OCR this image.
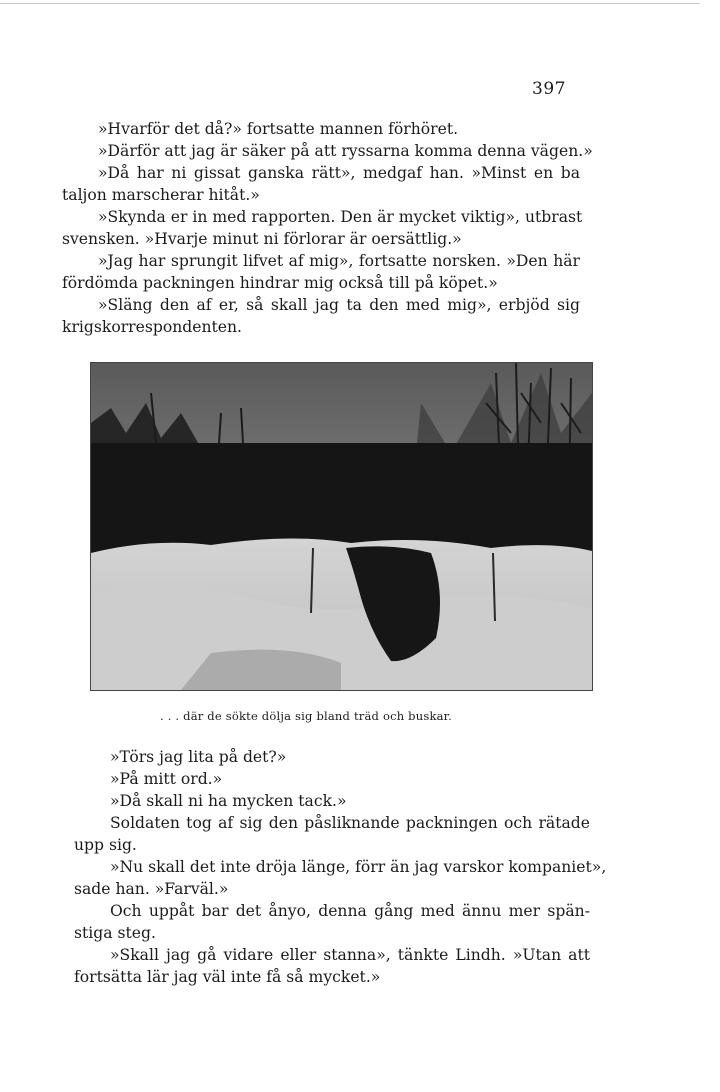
397
»Hvarför det då?» fortsatte mannen förhöret.
»Därför att jag är säker på att ryssarna komma denna vägen.»
»Då har ni gissat ganska rätt», medgaf han. »Minst en ba
taljon marscherar hitåt.»
»Skynda er in med rapporten. Den är mycket viktig», utbrast
svensken. »Hvarje minut ni förlorar är oersättlig.»
»Jag har sprungit lifvet af mig», fortsatte norsken. »Den här
fördömda packningen hindrar mig också till på köpet.»
»Släng den af er, så skall jag ta den med mig», erbjöd sig
krigskorrespondenten.
. . . där de sökte dölja sig bland träd och buskar.
»Törs jag lita på det?»
»På mitt ord.»
»Då skall ni ha mycken tack.»
Soldaten tog af sig den påsliknande packningen och rätade
upp sig.
»Nu skall det inte dröja länge, förr än jag varskor kompaniet»,
sade han. »Farväl.»
Och uppåt bar det ånyo, denna gång med ännu mer spän-
stiga steg.
»Skall jag gå vidare eller stanna», tänkte Lindh. »Utan att
fortsätta lär jag väl inte få så mycket.»
